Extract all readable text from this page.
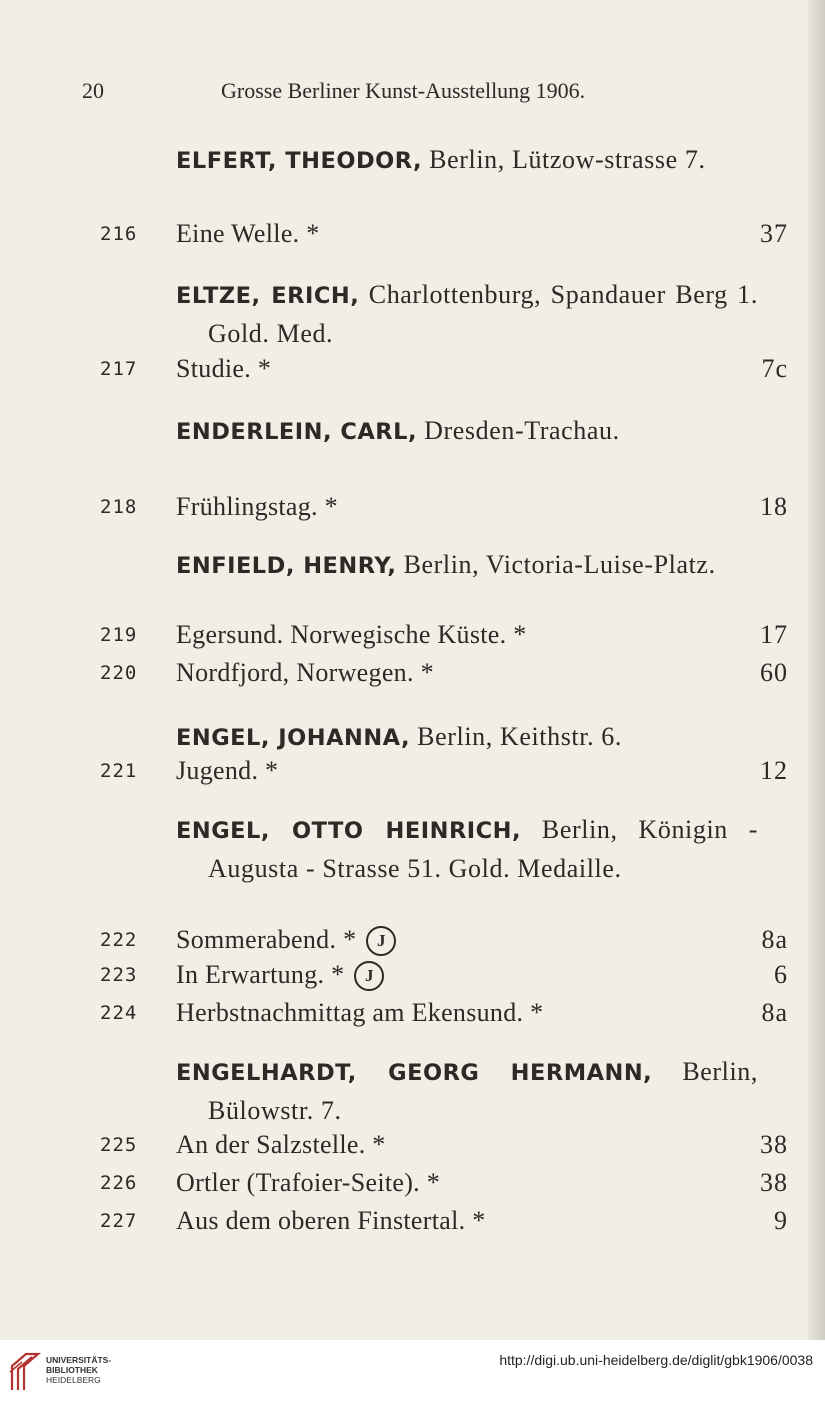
20	Grosse Berliner Kunst-Ausstellung 1906.
ELFERT, THEODOR, Berlin, Lützow-strasse 7.
216	Eine Welle. *	37
ELTZE, ERICH, Charlottenburg, Spandauer Berg 1. Gold. Med.
217	Studie. *	7c
ENDERLEIN, CARL, Dresden-Trachau.
218	Frühlingstag. *	18
ENFIELD, HENRY, Berlin, Victoria-Luise-Platz.
219	Egersund. Norwegische Küste. *	17
220	Nordfjord, Norwegen. *	60
ENGEL, JOHANNA, Berlin, Keithstr. 6.
221	Jugend. *	12
ENGEL, OTTO HEINRICH, Berlin, Königin - Augusta - Strasse 51. Gold. Medaille.
222	Sommerabend. * J	8a
223	In Erwartung. * J	6
224	Herbstnachmittag am Ekensund. *	8a
ENGELHARDT, GEORG HERMANN, Berlin, Bülowstr. 7.
225	An der Salzstelle. *	38
226	Ortler (Trafoier-Seite). *	38
227	Aus dem oberen Finstertal. *	9
UNIVERSITÄTS-
BIBLIOTHEK
HEIDELBERG
http://digi.ub.uni-heidelberg.de/diglit/gbk1906/0038
